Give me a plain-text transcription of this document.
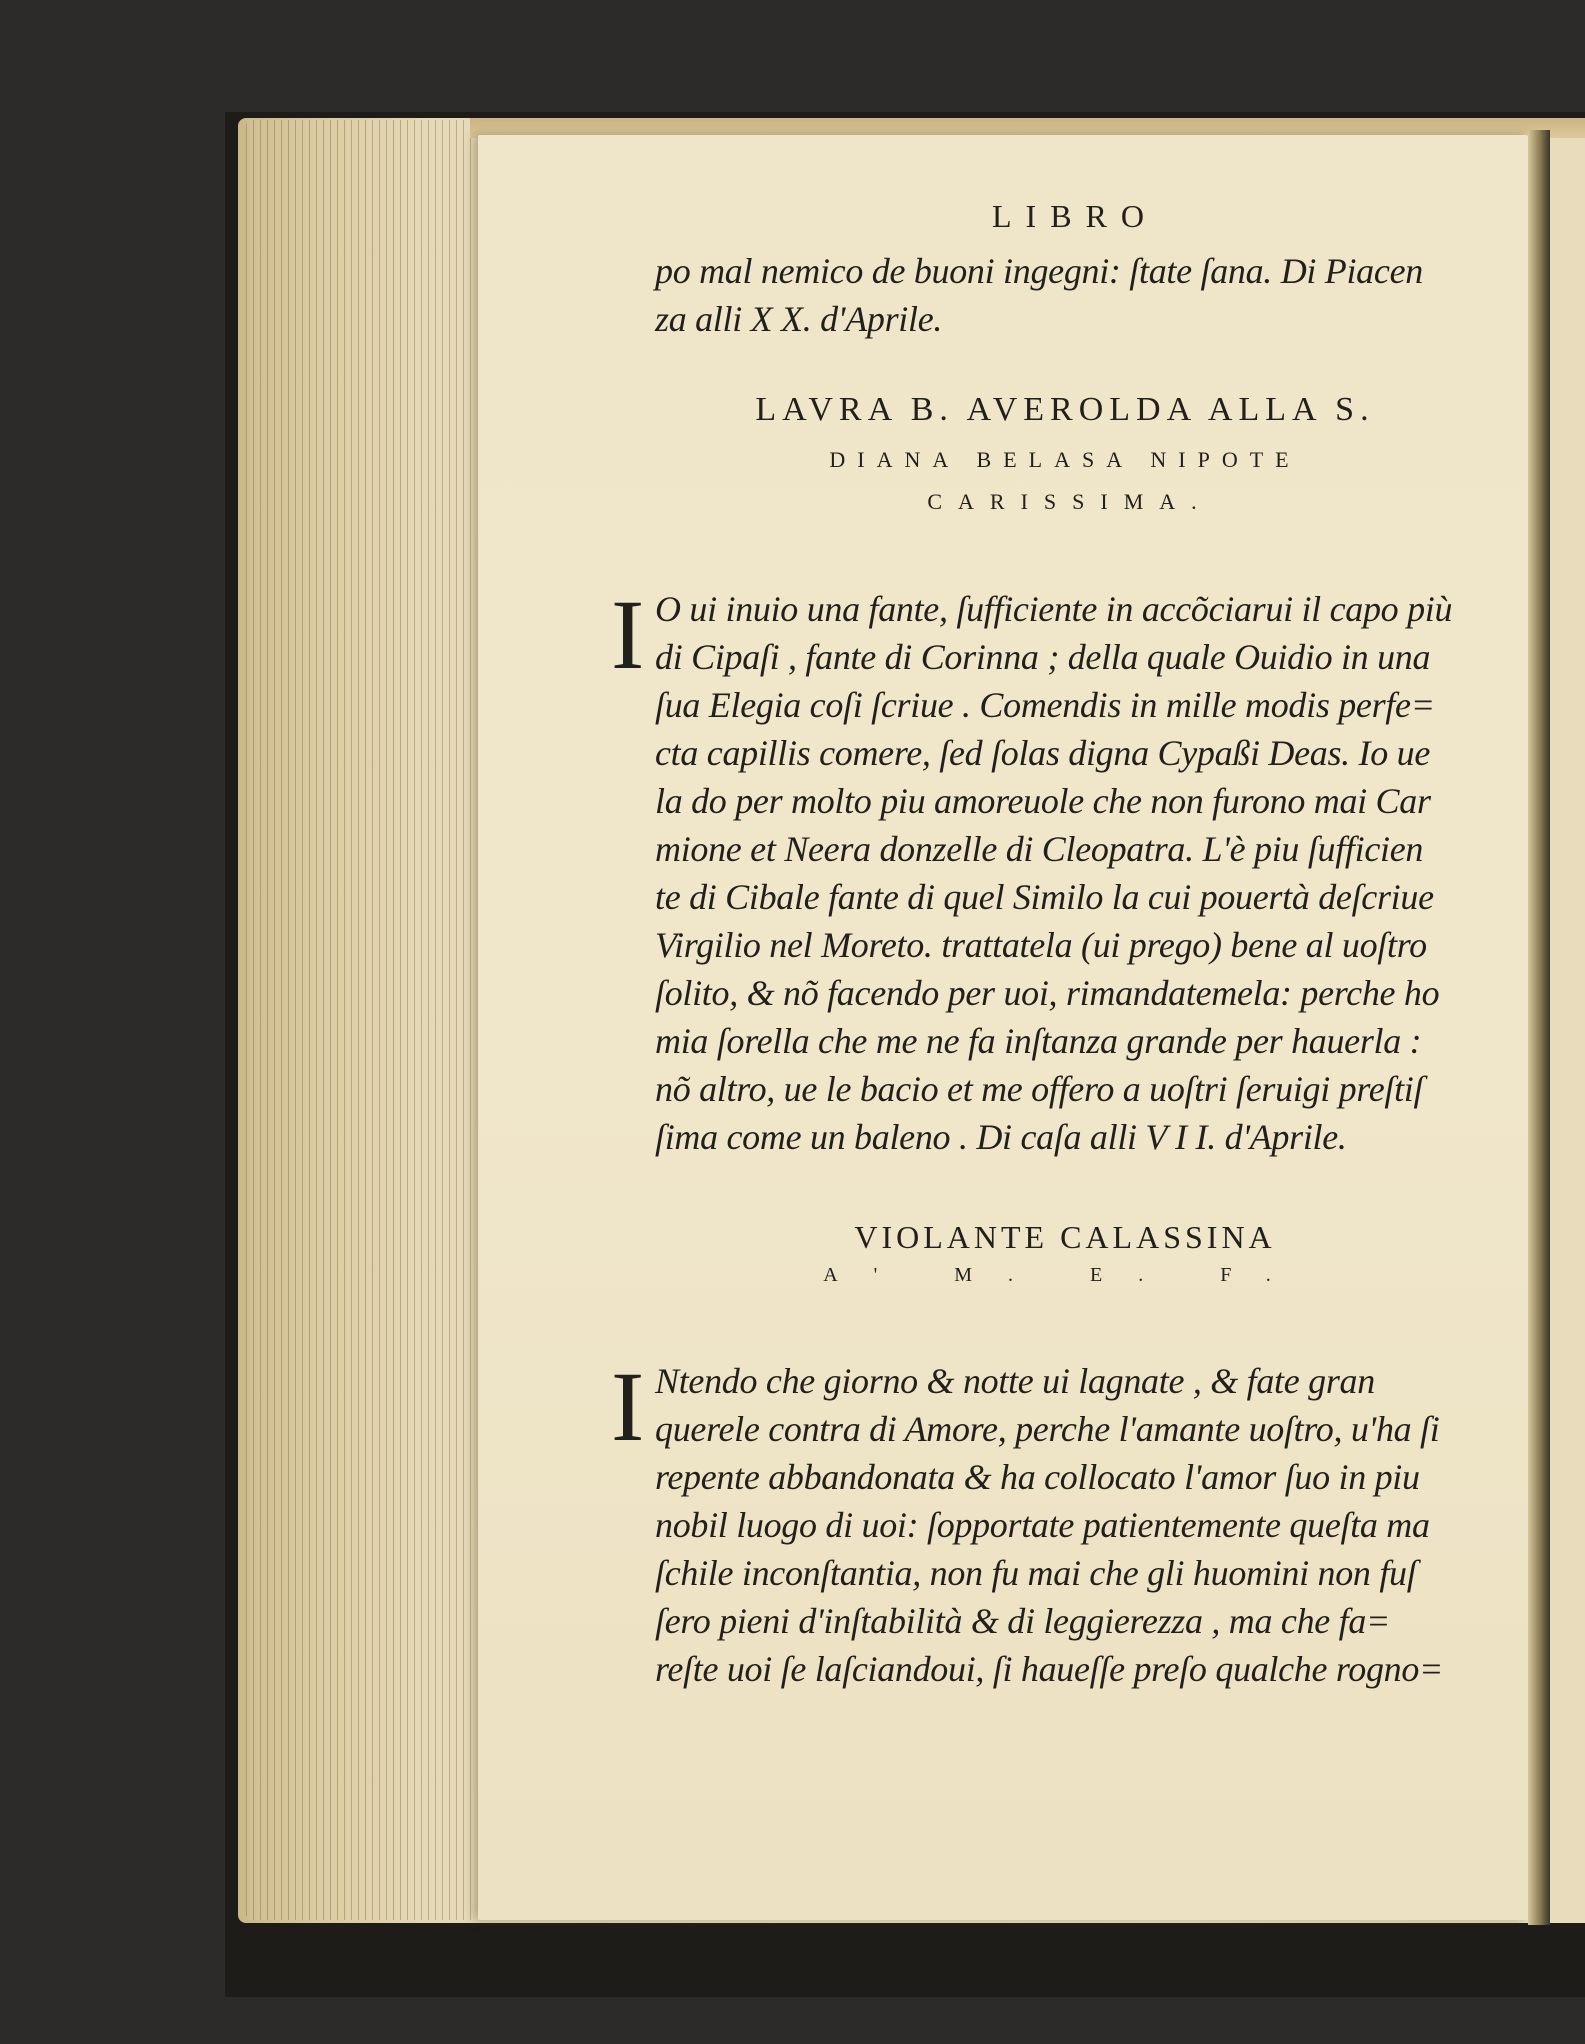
LIBRO
po mal nemico de buoni ingegni: ſtate ſana. Di Piacen
za alli X X. d'Aprile.
LAVRA B. AVEROLDA ALLA S.
DIANA BELASA NIPOTE
CARISSIMA.
I O ui inuio una fante, ſufficiente in accõciarui il capo più
di Cipaſi , fante di Corinna ; della quale Ouidio in una
ſua Elegia coſi ſcriue . Comendis in mille modis perfe=
cta capillis comere, ſed ſolas digna Cypaßi Deas. Io ue
la do per molto piu amoreuole che non furono mai Car
mione et Neera donzelle di Cleopatra. L'è piu ſufficien
te di Cibale fante di quel Similo la cui pouertà deſcriue
Virgilio nel Moreto. trattatela (ui prego) bene al uoſtro
ſolito, & nõ facendo per uoi, rimandatemela: perche ho
mia ſorella che me ne fa inſtanza grande per hauerla :
nõ altro, ue le bacio et me offero a uoſtri ſeruigi preſtiſ
ſima come un baleno . Di caſa alli V I I. d'Aprile.
VIOLANTE CALASSINA
A' M. E. F.
I Ntendo che giorno & notte ui lagnate , & fate gran
querele contra di Amore, perche l'amante uoſtro, u'ha ſi
repente abbandonata & ha collocato l'amor ſuo in piu
nobil luogo di uoi: ſopportate patientemente queſta ma
ſchile inconſtantia, non fu mai che gli huomini non fuſ
ſero pieni d'inſtabilità & di leggierezza , ma che fa=
reſte uoi ſe laſciandoui, ſi haueſſe preſo qualche rogno=
